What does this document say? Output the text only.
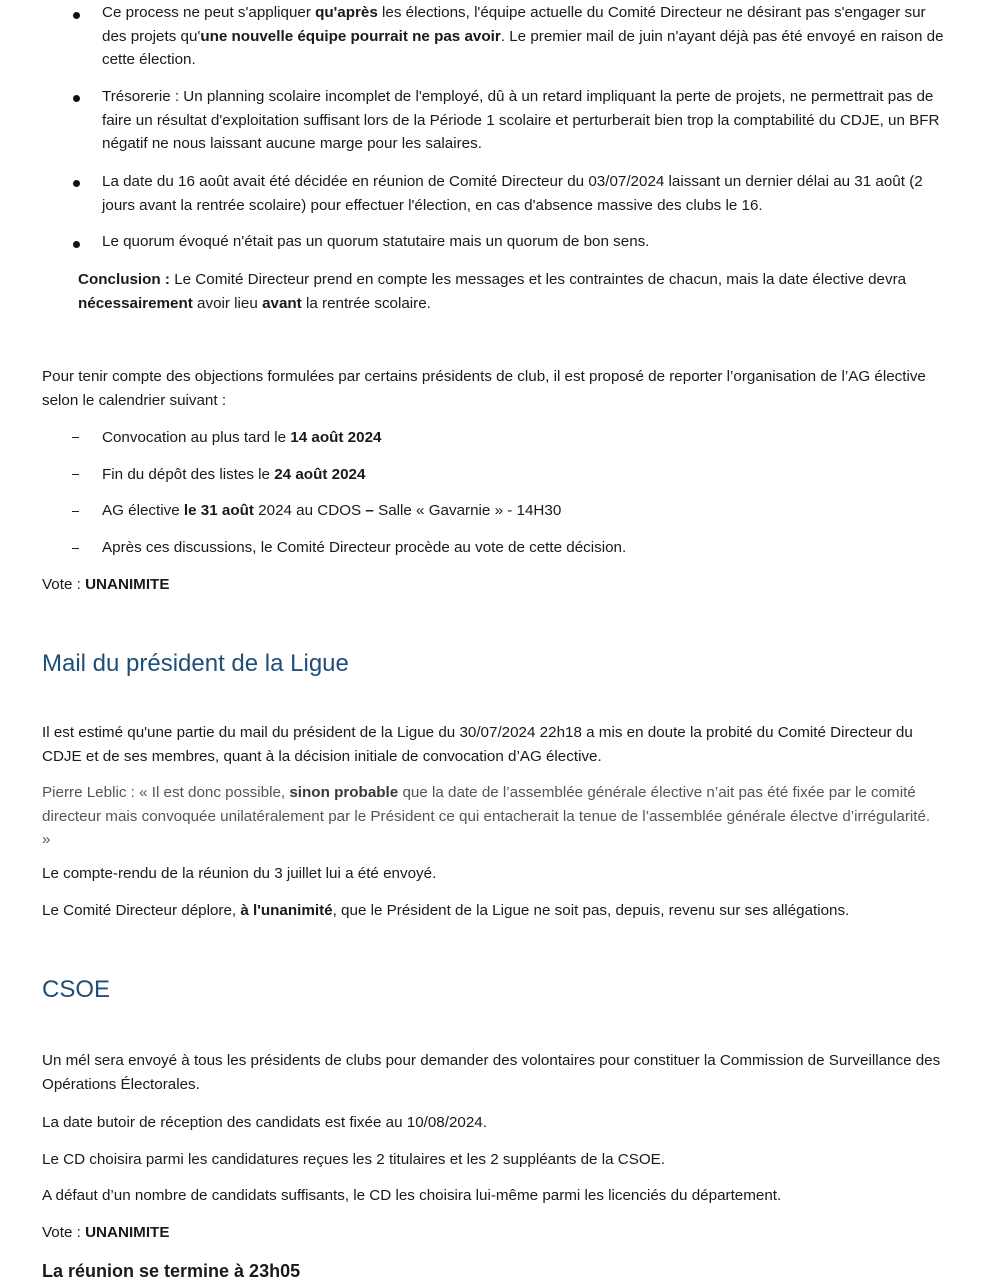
Ce process ne peut s'appliquer qu'après les élections, l'équipe actuelle du Comité Directeur ne désirant pas s'engager sur des projets qu'une nouvelle équipe pourrait ne pas avoir. Le premier mail de juin n'ayant déjà pas été envoyé en raison de cette élection.
Trésorerie : Un planning scolaire incomplet de l'employé, dû à un retard impliquant la perte de projets, ne permettrait pas de faire un résultat d'exploitation suffisant lors de la Période 1 scolaire et perturberait bien trop la comptabilité du CDJE, un BFR négatif ne nous laissant aucune marge pour les salaires.
La date du 16 août avait été décidée en réunion de Comité Directeur du 03/07/2024 laissant un dernier délai au 31 août (2 jours avant la rentrée scolaire) pour effectuer l'élection, en cas d'absence massive des clubs le 16.
Le quorum évoqué n'était pas un quorum statutaire mais un quorum de bon sens.
Conclusion : Le Comité Directeur prend en compte les messages et les contraintes de chacun, mais la date élective devra nécessairement avoir lieu avant la rentrée scolaire.
Pour tenir compte des objections formulées par certains présidents de club, il est proposé de reporter l’organisation de l’AG élective selon le calendrier suivant :
Convocation au plus tard le 14 août 2024
Fin du dépôt des listes le 24 août 2024
AG élective le 31 août 2024 au CDOS – Salle « Gavarnie » - 14H30
Après ces discussions, le Comité Directeur procède au vote de cette décision.
Vote : UNANIMITE
Mail du président de la Ligue
Il est estimé qu'une partie du mail du président de la Ligue du 30/07/2024 22h18 a mis en doute la probité du Comité Directeur du CDJE et de ses membres, quant à la décision initiale de convocation d’AG élective.
Pierre Leblic : « Il est donc possible, sinon probable que la date de l’assemblée générale élective n’ait pas été fixée par le comité directeur mais convoquée unilatéralement par le Président ce qui entacherait la tenue de l’assemblée générale électve d’irrégularité. »
Le compte-rendu de la réunion du 3 juillet lui a été envoyé.
Le Comité Directeur déplore, à l'unanimité, que le Président de la Ligue ne soit pas, depuis, revenu sur ses allégations.
CSOE
Un mél sera envoyé à tous les présidents de clubs pour demander des volontaires pour constituer la Commission de Surveillance des Opérations Électorales.
La date butoir de réception des candidats est fixée au 10/08/2024.
Le CD choisira parmi les candidatures reçues les 2 titulaires et les 2 suppléants de la CSOE.
A défaut d’un nombre de candidats suffisants, le CD les choisira lui-même parmi les licenciés du département.
Vote : UNANIMITE

La réunion se termine à 23h05
